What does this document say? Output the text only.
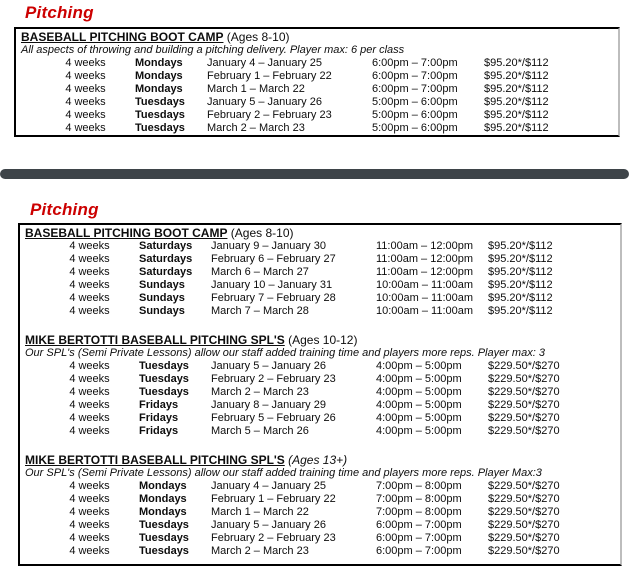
Pitching
BASEBALL PITCHING BOOT CAMP (Ages 8-10)
All aspects of throwing and building a pitching delivery. Player max: 6 per class
4 weeks	Mondays	January 4 – January 25	6:00pm – 7:00pm	$95.20*/$112
4 weeks	Mondays	February 1 – February 22	6:00pm – 7:00pm	$95.20*/$112
4 weeks	Mondays	March 1 – March 22	6:00pm – 7:00pm	$95.20*/$112
4 weeks	Tuesdays	January 5 – January 26	5:00pm – 6:00pm	$95.20*/$112
4 weeks	Tuesdays	February 2 – February 23	5:00pm – 6:00pm	$95.20*/$112
4 weeks	Tuesdays	March 2 – March 23	5:00pm – 6:00pm	$95.20*/$112
Pitching
BASEBALL PITCHING BOOT CAMP (Ages 8-10)
4 weeks	Saturdays	January 9 – January 30	11:00am – 12:00pm	$95.20*/$112
4 weeks	Saturdays	February 6 – February 27	11:00am – 12:00pm	$95.20*/$112
4 weeks	Saturdays	March 6 – March 27	11:00am – 12:00pm	$95.20*/$112
4 weeks	Sundays	January 10 – January 31	10:00am – 11:00am	$95.20*/$112
4 weeks	Sundays	February 7 – February 28	10:00am – 11:00am	$95.20*/$112
4 weeks	Sundays	March 7 – March 28	10:00am – 11:00am	$95.20*/$112
MIKE BERTOTTI BASEBALL PITCHING SPL'S (Ages 10-12)
Our SPL's (Semi Private Lessons) allow our staff added training time and players more reps. Player max: 3
4 weeks	Tuesdays	January 5 – January 26	4:00pm – 5:00pm	$229.50*/$270
4 weeks	Tuesdays	February 2 – February 23	4:00pm – 5:00pm	$229.50*/$270
4 weeks	Tuesdays	March 2 – March 23	4:00pm – 5:00pm	$229.50*/$270
4 weeks	Fridays	January 8 – January 29	4:00pm – 5:00pm	$229.50*/$270
4 weeks	Fridays	February 5 – February 26	4:00pm – 5:00pm	$229.50*/$270
4 weeks	Fridays	March 5 – March 26	4:00pm – 5:00pm	$229.50*/$270
MIKE BERTOTTI BASEBALL PITCHING SPL'S (Ages 13+)
Our SPL's (Semi Private Lessons) allow our staff added training time and players more reps. Player Max:3
4 weeks	Mondays	January 4 – January 25	7:00pm – 8:00pm	$229.50*/$270
4 weeks	Mondays	February 1 – February 22	7:00pm – 8:00pm	$229.50*/$270
4 weeks	Mondays	March 1 – March 22	7:00pm – 8:00pm	$229.50*/$270
4 weeks	Tuesdays	January 5 – January 26	6:00pm – 7:00pm	$229.50*/$270
4 weeks	Tuesdays	February 2 – February 23	6:00pm – 7:00pm	$229.50*/$270
4 weeks	Tuesdays	March 2 – March 23	6:00pm – 7:00pm	$229.50*/$270
